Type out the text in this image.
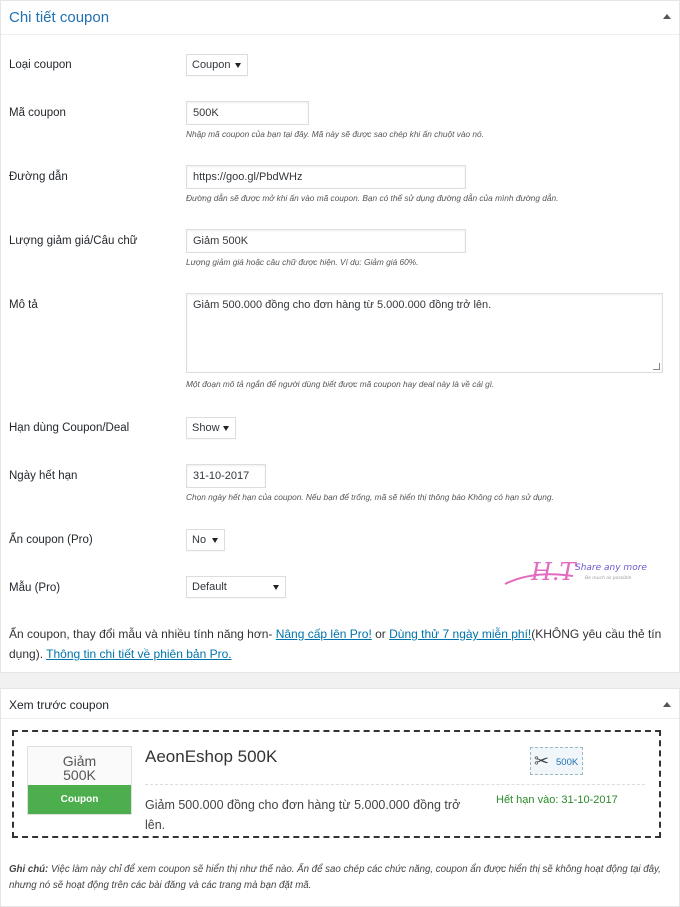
Chi tiết coupon
Loại coupon	Coupon
Mã coupon	500K
Nhập mã coupon của bạn tại đây. Mã này sẽ được sao chép khi ấn chuột vào nó.
Đường dẫn	https://goo.gl/PbdWHz
Đường dẫn sẽ được mở khi ấn vào mã coupon. Bạn có thể sử dụng đường dẫn của mình đường dẫn.
Lượng giảm giá/Câu chữ	Giảm 500K
Lượng giảm giá hoặc câu chữ được hiện. Ví dụ: Giảm giá 60%.
Mô tả	Giảm 500.000 đồng cho đơn hàng từ 5.000.000 đồng trở lên.
Một đoạn mô tả ngắn để người dùng biết được mã coupon hay deal này là về cái gì.
Hạn dùng Coupon/Deal	Show
Ngày hết hạn	31-10-2017
Chọn ngày hết hạn của coupon. Nếu bạn để trống, mã sẽ hiển thị thông báo Không có hạn sử dụng.
Ẩn coupon (Pro)	No
Mẫu (Pro)	Default
H.T Share any more
Be much as possible
Ẩn coupon, thay đổi mẫu và nhiều tính năng hơn- Nâng cấp lên Pro! or Dùng thử 7 ngày miễn phí!(KHÔNG yêu cầu thẻ tín dụng). Thông tin chi tiết về phiên bản Pro.
Xem trước coupon
Giảm
500K
Coupon
AeonEshop 500K	✂ 500K
Giảm 500.000 đồng cho đơn hàng từ 5.000.000 đồng trở lên.
Hết hạn vào: 31-10-2017
Ghi chú: Việc làm này chỉ để xem coupon sẽ hiển thị như thế nào. Ẩn để sao chép các chức năng, coupon ẩn được hiển thị sẽ không hoạt động tại đây, nhưng nó sẽ hoạt động trên các bài đăng và các trang mà bạn đặt mã.
